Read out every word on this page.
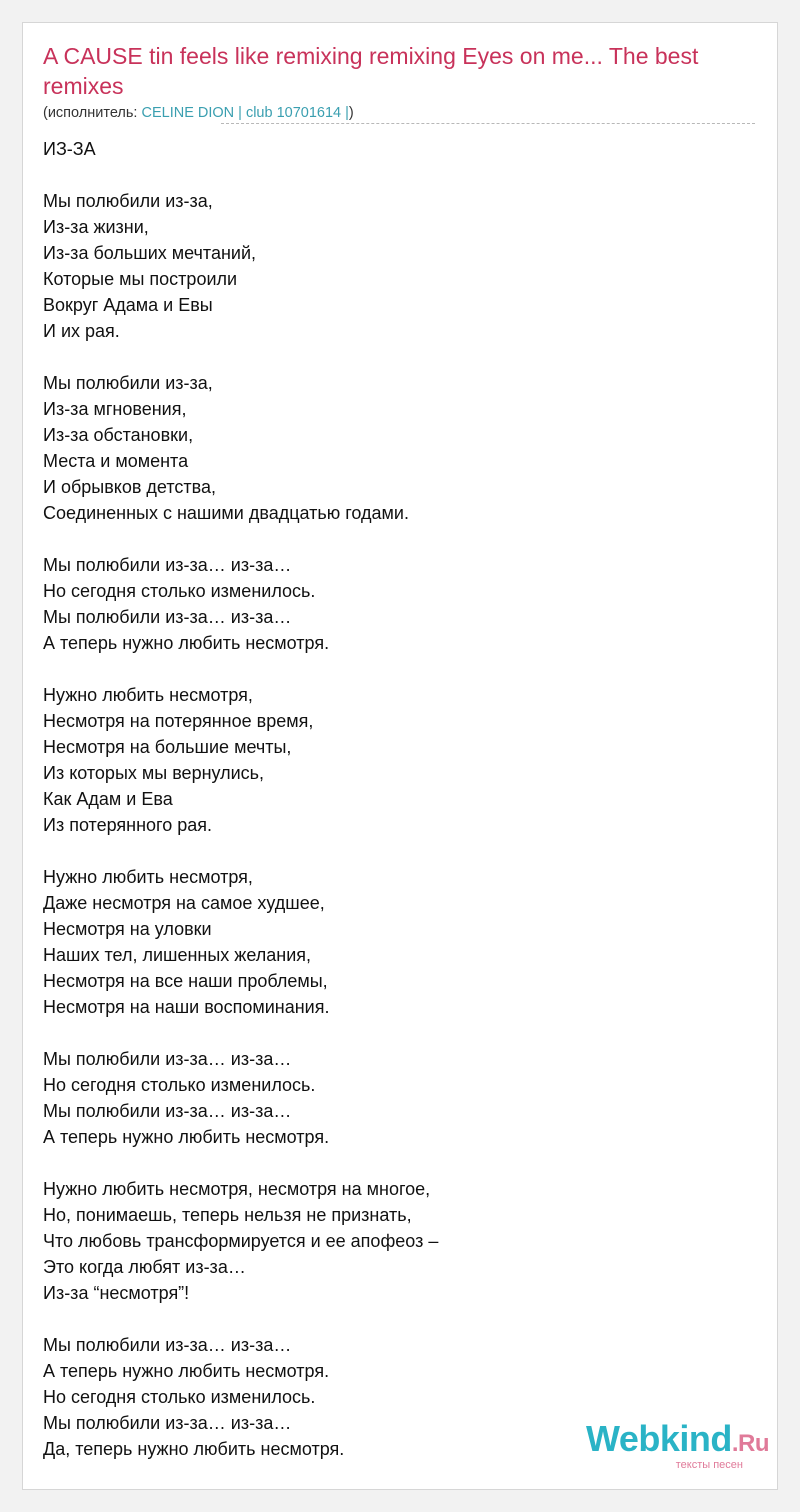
A CAUSE tin feels like remixing remixing Eyes on me... The best remixes
(исполнитель: CELINE DION | club 10701614 |)
ИЗ-ЗА
Мы полюбили из-за,
Из-за жизни,
Из-за больших мечтаний,
Которые мы построили
Вокруг Адама и Евы
И их рая.
Мы полюбили из-за,
Из-за мгновения,
Из-за обстановки,
Места и момента
И обрывков детства,
Соединенных с нашими двадцатью годами.
Мы полюбили из-за… из-за…
Но сегодня столько изменилось.
Мы полюбили из-за… из-за…
А теперь нужно любить несмотря.
Нужно любить несмотря,
Несмотря на потерянное время,
Несмотря на большие мечты,
Из которых мы вернулись,
Как Адам и Ева
Из потерянного рая.
Нужно любить несмотря,
Даже несмотря на самое худшее,
Несмотря на уловки
Наших тел, лишенных желания,
Несмотря на все наши проблемы,
Несмотря на наши воспоминания.
Мы полюбили из-за… из-за…
Но сегодня столько изменилось.
Мы полюбили из-за… из-за…
А теперь нужно любить несмотря.
Нужно любить несмотря, несмотря на многое,
Но, понимаешь, теперь нельзя не признать,
Что любовь трансформируется и ее апофеоз –
Это когда любят из-за…
Из-за “несмотря”!
Мы полюбили из-за… из-за…
А теперь нужно любить несмотря.
Но сегодня столько изменилось.
Мы полюбили из-за… из-за…
Да, теперь нужно любить несмотря.	Webkind.Ru
тексты песен
